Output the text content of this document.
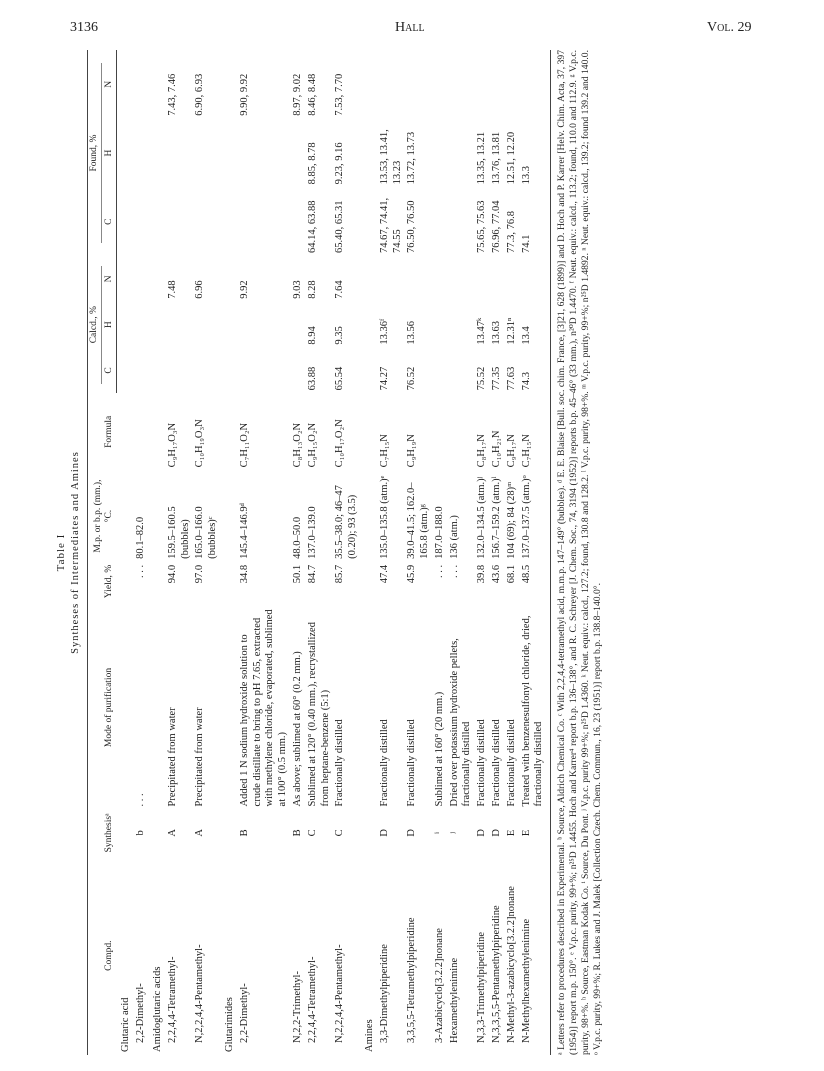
3136	Hall	Vol. 29
Table I Syntheses of Intermediates and Amines
Compd.	Synthesisᵃ	Mode of purification	Yield, %	M.p. or b.p. (mm.), °C.	Formula	Calcd., %			Found, %		
						C	H	N	C	H	N
Glutaric acid											
2,2-Dimethyl-	b	. . .	. . .	80.1–82.0							
Amidoglutaric acids											
2,2,4,4-Tetramethyl-	A	Precipitated from water	94.0	159.5–160.5 (bubbles)	C₉H₁₇O₃N			7.48			7.43, 7.46
N,2,2,4,4-Pentamethyl-	A	Precipitated from water	97.0	165.0–166.0 (bubbles)ᶜ	C₁₀H₁₉O₃N			6.96			6.90, 6.93
Glutarimides											
2,2-Dimethyl-	B	Added 1 N sodium hydroxide solution to crude distillate to bring to pH 7.65, extracted with methylene chloride, evaporated, sublimed at 100° (0.5 mm.)	34.8	145.4–146.9ᵈ	C₇H₁₁O₂N			9.92			9.90, 9.92
N,2,2-Trimethyl-	B	As above; sublimed at 60° (0.2 mm.)	50.1	48.0–50.0	C₈H₁₃O₂N			9.03			8.97, 9.02
2,2,4,4-Tetramethyl-	C	Sublimed at 120° (0.40 mm.), recrystallized from heptane-benzene (5:1)	84.7	137.0–139.0	C₉H₁₅O₂N	63.88	8.94	8.28	64.14, 63.88	8.85, 8.78	8.46, 8.48
N,2,2,4,4-Pentamethyl-	C	Fractionally distilled	85.7	35.5–38.0; 46–47 (0.20); 93 (3.5)	C₁₀H₁₇O₂N	65.54	9.35	7.64	65.40, 65.31	9.23, 9.16	7.53, 7.70
Amines											
3,3-Dimethylpiperidine	D	Fractionally distilled	47.4	135.0–135.8 (atm.)ᵉ	C₇H₁₅N	74.27	13.36ᶠ		74.67, 74.41, 74.55	13.53, 13.41, 13.23	
3,3,5,5-Tetramethylpiperidine	D	Fractionally distilled	45.9	39.0–41.5; 162.0–165.8 (atm.)ᵍ	C₉H₁₉N	76.52	13.56		76.50, 76.50	13.72, 13.73	
3-Azabicyclo[3.2.2]nonane	ⁱ	Sublimed at 160° (20 mm.)	. . .	187.0–188.0							
Hexamethylenimine	ʲ	Dried over potassium hydroxide pellets, fractionally distilled	. . .	136 (atm.)							
N,3,3-Trimethylpiperidine	D	Fractionally distilled	39.8	132.0–134.5 (atm.)ʲ	C₈H₁₇N	75.52	13.47ᵏ		75.65, 75.63	13.35, 13.21	
N,3,3,5,5-Pentamethylpiperidine	D	Fractionally distilled	43.6	156.7–159.2 (atm.)ˡ	C₁₀H₂₁N	77.35	13.63		76.96, 77.04	13.76, 13.81	
N-Methyl-3-azabicyclo[3.2.2]nonane	E	Fractionally distilled	68.1	104 (69); 84 (28)ᵐ	C₉H₁₇N	77.63	12.31ⁿ		77.3, 76.8	12.51, 12.20	
N-Methylhexamethylenimine	E	Treated with benzenesulfonyl chloride, dried, fractionally distilled	48.5	137.0–137.5 (atm.)ᵒ	C₇H₁₅N	74.3	13.4		74.1	13.3		ᵃ Letters refer to procedures described in Experimental. ᵇ Source, Aldrich Chemical Co. ᶜ With 2,2,4,4-tetramethyl acid, m.m.p. 147–149° (bubbles). ᵈ E. E. Blaise [Bull. soc. chim. France, [3]21, 628 (1899)] and D. Hoch and P. Karrer [Helv. Chim. Acta, 37, 397 (1954)] report m.p. 150°. ᵉ V.p.c. purity, 99+%; n²⁵D 1.4455. Hoch and Karrer⁴ report b.p. 136–138°, and R. C. Schreyer [J. Chem. Soc., 74, 3194 (1952)] reports b.p. 45–46° (33 mm.), n²⁰D 1.4470. ᶠ Neut. equiv.: calcd., 113.2; found, 110.0 and 112.9. ᵍ V.p.c. purity, 98+%. ʰ Source, Eastman Kodak Co. ⁱ Source, Du Pont. ʲ V.p.c. purity 99+%; n²⁵D 1.4360. ᵏ Neut. equiv.: calcd., 127.2; found, 130.8 and 128.2. ˡ V.p.c. purity, 98+%. ᵐ V.p.c. purity, 99+%; n²⁵D 1.4892. ⁿ Neut. equiv.: calcd., 139.2; found 139.2 and 140.0. ᵒ V.p.c. purity, 99+%; R. Lukes and J. Malek [Collection Czech. Chem. Commun., 16, 23 (1951)] report b.p. 138.8–140.0°.
